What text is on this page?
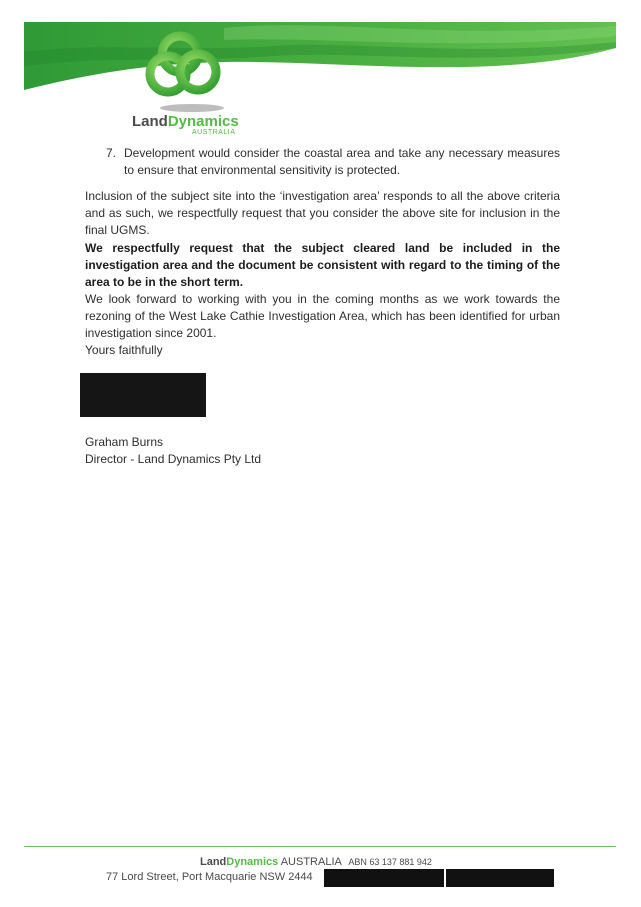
LandDynamics
AUSTRALIA
7. Development would consider the coastal area and take any necessary measures to ensure that environmental sensitivity is protected.

Inclusion of the subject site into the ‘investigation area’ responds to all the above criteria and as such, we respectfully request that you consider the above site for inclusion in the final UGMS.

We respectfully request that the subject cleared land be included in the investigation area and the document be consistent with regard to the timing of the area to be in the short term.

We look forward to working with you in the coming months as we work towards the rezoning of the West Lake Cathie Investigation Area, which has been identified for urban investigation since 2001.

Yours faithfully

Graham Burns

Director - Land Dynamics Pty Ltd

LandDynamics AUSTRALIA ABN 63 137 881 942
77 Lord Street, Port Macquarie NSW 2444
